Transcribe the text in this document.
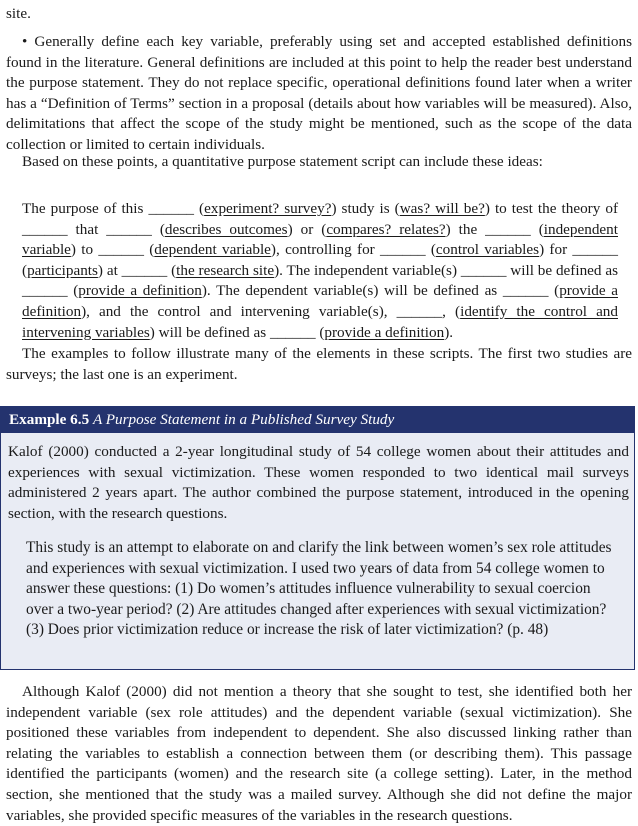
site.

• Generally define each key variable, preferably using set and accepted established definitions found in the literature. General definitions are included at this point to help the reader best understand the purpose statement. They do not replace specific, operational definitions found later when a writer has a “Definition of Terms” section in a proposal (details about how variables will be measured). Also, delimitations that affect the scope of the study might be mentioned, such as the scope of the data collection or limited to certain individuals.

Based on these points, a quantitative purpose statement script can include these ideas:

The purpose of this ______ (experiment? survey?) study is (was? will be?) to test the theory of ______ that ______ (describes outcomes) or (compares? relates?) the ______ (independent variable) to ______ (dependent variable), controlling for ______ (control variables) for ______ (participants) at ______ (the research site). The independent variable(s) ______ will be defined as ______ (provide a definition). The dependent variable(s) will be defined as ______ (provide a definition), and the control and intervening variable(s), ______, (identify the control and intervening variables) will be defined as ______ (provide a definition).

The examples to follow illustrate many of the elements in these scripts. The first two studies are surveys; the last one is an experiment.

Example 6.5 A Purpose Statement in a Published Survey Study

Kalof (2000) conducted a 2-year longitudinal study of 54 college women about their attitudes and experiences with sexual victimization. These women responded to two identical mail surveys administered 2 years apart. The author combined the purpose statement, introduced in the opening section, with the research questions.

This study is an attempt to elaborate on and clarify the link between women’s sex role attitudes and experiences with sexual victimization. I used two years of data from 54 college women to answer these questions: (1) Do women’s attitudes influence vulnerability to sexual coercion over a two-year period? (2) Are attitudes changed after experiences with sexual victimization? (3) Does prior victimization reduce or increase the risk of later victimization? (p. 48)

Although Kalof (2000) did not mention a theory that she sought to test, she identified both her independent variable (sex role attitudes) and the dependent variable (sexual victimization). She positioned these variables from independent to dependent. She also discussed linking rather than relating the variables to establish a connection between them (or describing them). This passage identified the participants (women) and the research site (a college setting). Later, in the method section, she mentioned that the study was a mailed survey. Although she did not define the major variables, she provided specific measures of the variables in the research questions.
